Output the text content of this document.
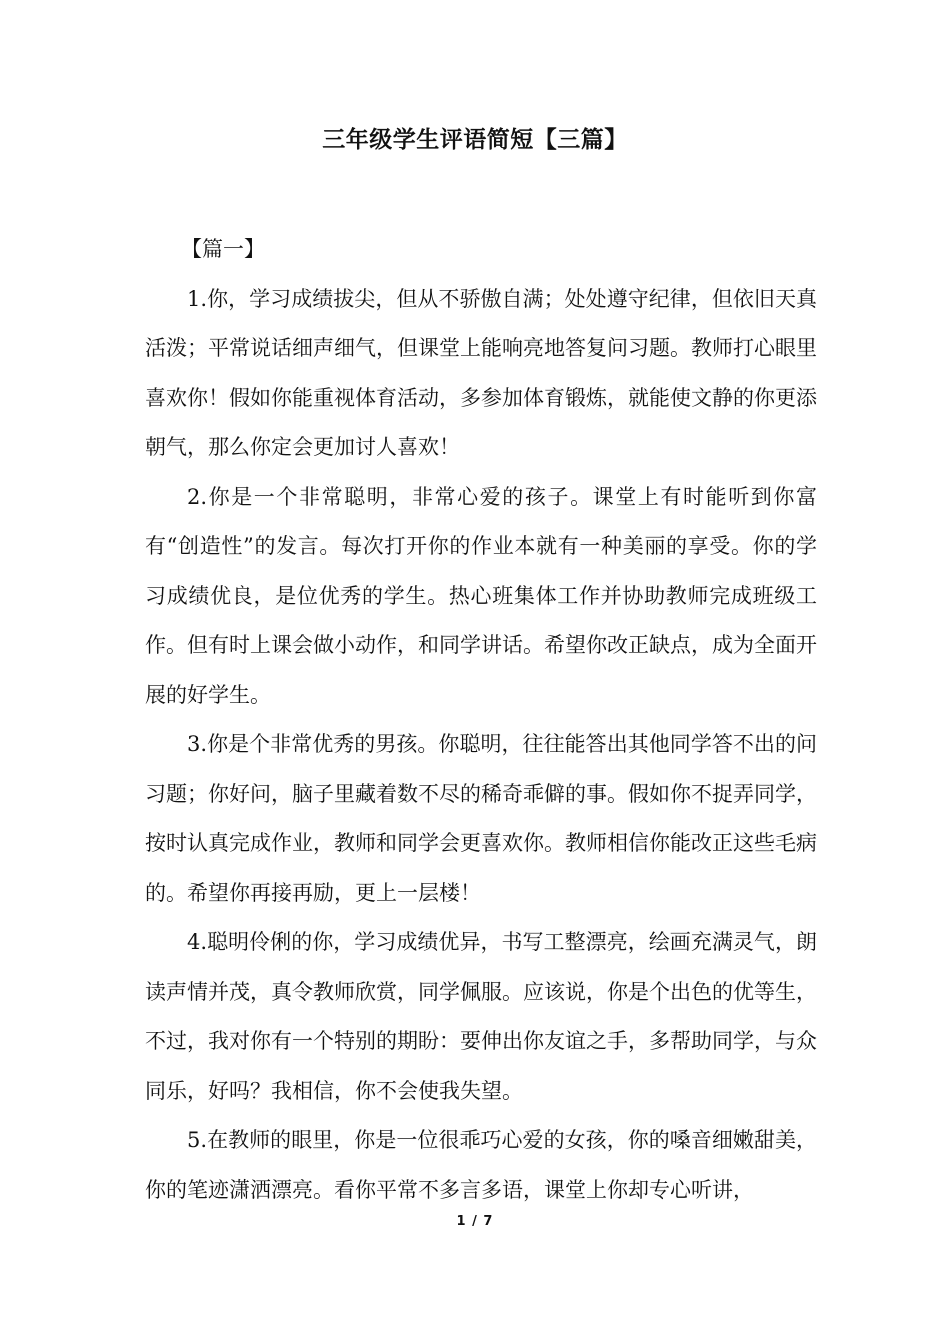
三年级学生评语简短【三篇】
【篇一】

1.你，学习成绩拔尖，但从不骄傲自满；处处遵守纪律，但依旧天真活泼；平常说话细声细气，但课堂上能响亮地答复问习题。教师打心眼里喜欢你！假如你能重视体育活动，多参加体育锻炼，就能使文静的你更添朝气，那么你定会更加讨人喜欢！

2.你是一个非常聪明，非常心爱的孩子。课堂上有时能听到你富有“创造性”的发言。每次打开你的作业本就有一种美丽的享受。你的学习成绩优良，是位优秀的学生。热心班集体工作并协助教师完成班级工作。但有时上课会做小动作，和同学讲话。希望你改正缺点，成为全面开展的好学生。

3.你是个非常优秀的男孩。你聪明，往往能答出其他同学答不出的问习题；你好问，脑子里藏着数不尽的稀奇乖僻的事。假如你不捉弄同学，按时认真完成作业，教师和同学会更喜欢你。教师相信你能改正这些毛病的。希望你再接再励，更上一层楼！

4.聪明伶俐的你，学习成绩优异，书写工整漂亮，绘画充满灵气，朗读声情并茂，真令教师欣赏，同学佩服。应该说，你是个出色的优等生，不过，我对你有一个特别的期盼：要伸出你友谊之手，多帮助同学，与众同乐，好吗？我相信，你不会使我失望。

5.在教师的眼里，你是一位很乖巧心爱的女孩，你的嗓音细嫩甜美，你的笔迹潇洒漂亮。看你平常不多言多语，课堂上你却专心听讲，

1 / 7
